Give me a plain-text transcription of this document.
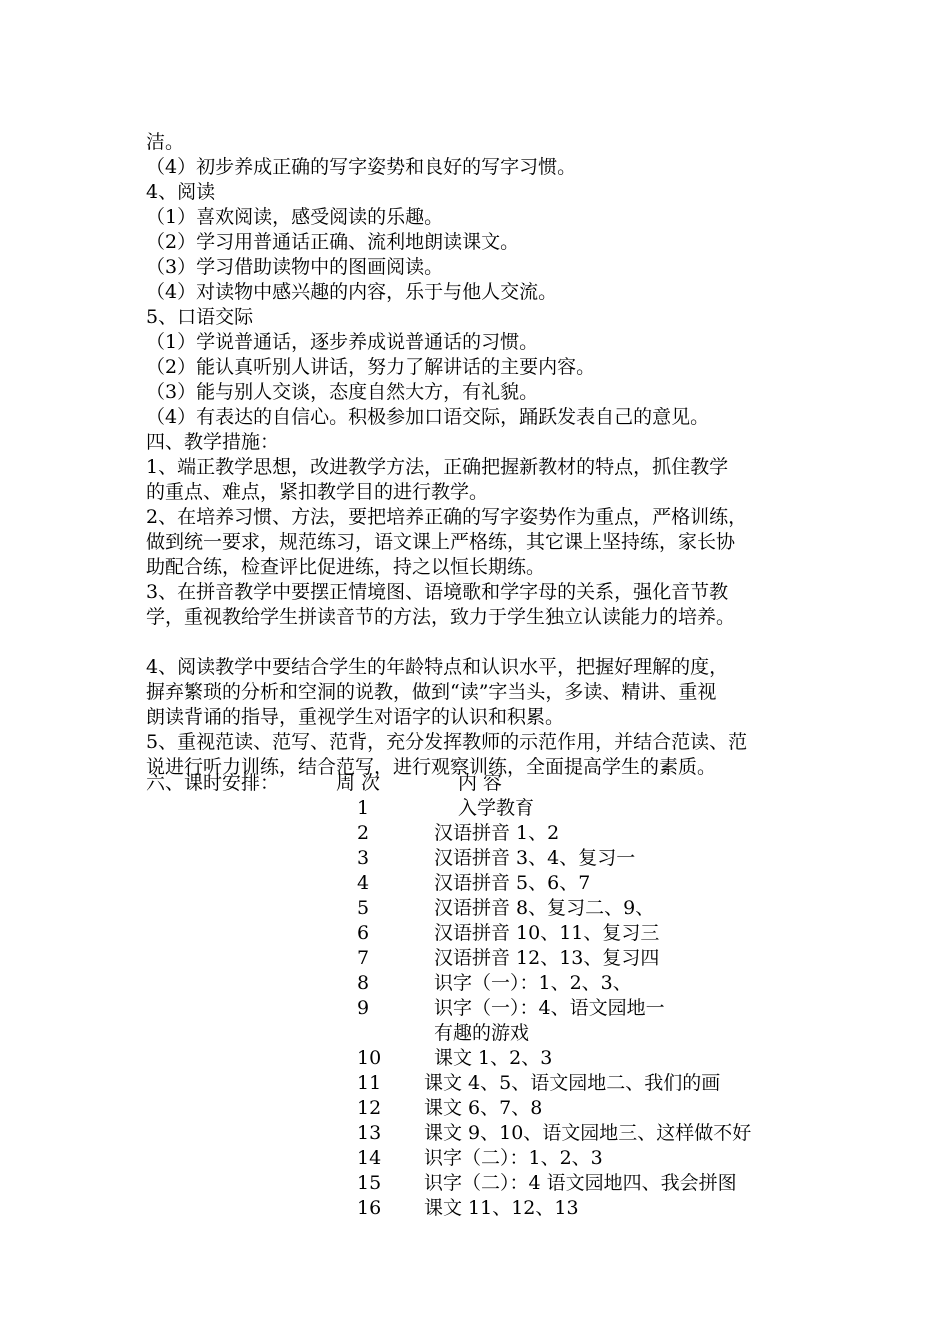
洁。
（4）初步养成正确的写字姿势和良好的写字习惯。
4、阅读
（1）喜欢阅读，感受阅读的乐趣。
（2）学习用普通话正确、流利地朗读课文。
（3）学习借助读物中的图画阅读。
（4）对读物中感兴趣的内容，乐于与他人交流。
5、口语交际
（1）学说普通话，逐步养成说普通话的习惯。
（2）能认真听别人讲话，努力了解讲话的主要内容。
（3）能与别人交谈，态度自然大方，有礼貌。
（4）有表达的自信心。积极参加口语交际，踊跃发表自己的意见。
四、教学措施：
1、端正教学思想，改进教学方法，正确把握新教材的特点，抓住教学
的重点、难点，紧扣教学目的进行教学。
2、在培养习惯、方法，要把培养正确的写字姿势作为重点，严格训练，
做到统一要求，规范练习，语文课上严格练，其它课上坚持练，家长协
助配合练，检查评比促进练，持之以恒长期练。
3、在拼音教学中要摆正情境图、语境歌和学字母的关系，强化音节教
学，重视教给学生拼读音节的方法，致力于学生独立认读能力的培养。
4、阅读教学中要结合学生的年龄特点和认识水平，把握好理解的度，
摒弃繁琐的分析和空洞的说教，做到“读”字当头，多读、精讲、重视
朗读背诵的指导，重视学生对语字的认识和积累。
5、重视范读、范写、范背，充分发挥教师的示范作用，并结合范读、范
说进行听力训练，结合范写，进行观察训练，全面提高学生的素质。
六、课时安排：	周 次	内 容
1	入学教育
2	汉语拼音 1、2
3	汉语拼音 3、4、复习一
4	汉语拼音 5、6、7
5	汉语拼音 8、复习二、9、
6	汉语拼音 10、11、复习三
7	汉语拼音 12、13、复习四
8	识字（一）：1、2、3、
9	识字（一）：4、语文园地一
有趣的游戏
10	课文 1、2、3
11	课文 4、5、语文园地二、我们的画
12	课文 6、7、8
13	课文 9、10、语文园地三、这样做不好
14	识字（二）：1、2、3
15	识字（二）：4 语文园地四、我会拼图
16	课文 11、12、13
